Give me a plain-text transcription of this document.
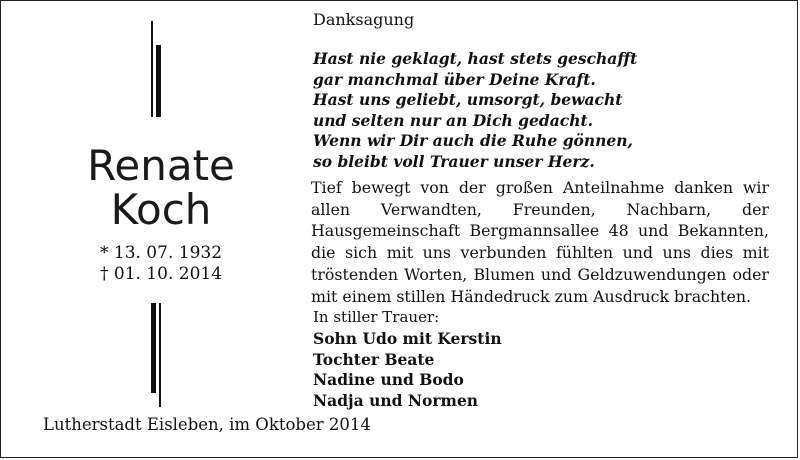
Renate
Koch
* 13. 07. 1932
† 01. 10. 2014
Lutherstadt Eisleben, im Oktober 2014
Danksagung
Hast nie geklagt, hast stets geschafft
gar manchmal über Deine Kraft.
Hast uns geliebt, umsorgt, bewacht
und selten nur an Dich gedacht.
Wenn wir Dir auch die Ruhe gönnen,
so bleibt voll Trauer unser Herz.
Tief bewegt von der großen Anteilnahme danken wir allen Verwandten, Freunden, Nachbarn, der Hausgemeinschaft Bergmannsallee 48 und Bekannten, die sich mit uns verbunden fühlten und uns dies mit tröstenden Worten, Blumen und Geldzuwendungen oder mit einem stillen Händedruck zum Ausdruck brachten.
In stiller Trauer:
Sohn Udo mit Kerstin
Tochter Beate
Nadine und Bodo
Nadja und Normen
